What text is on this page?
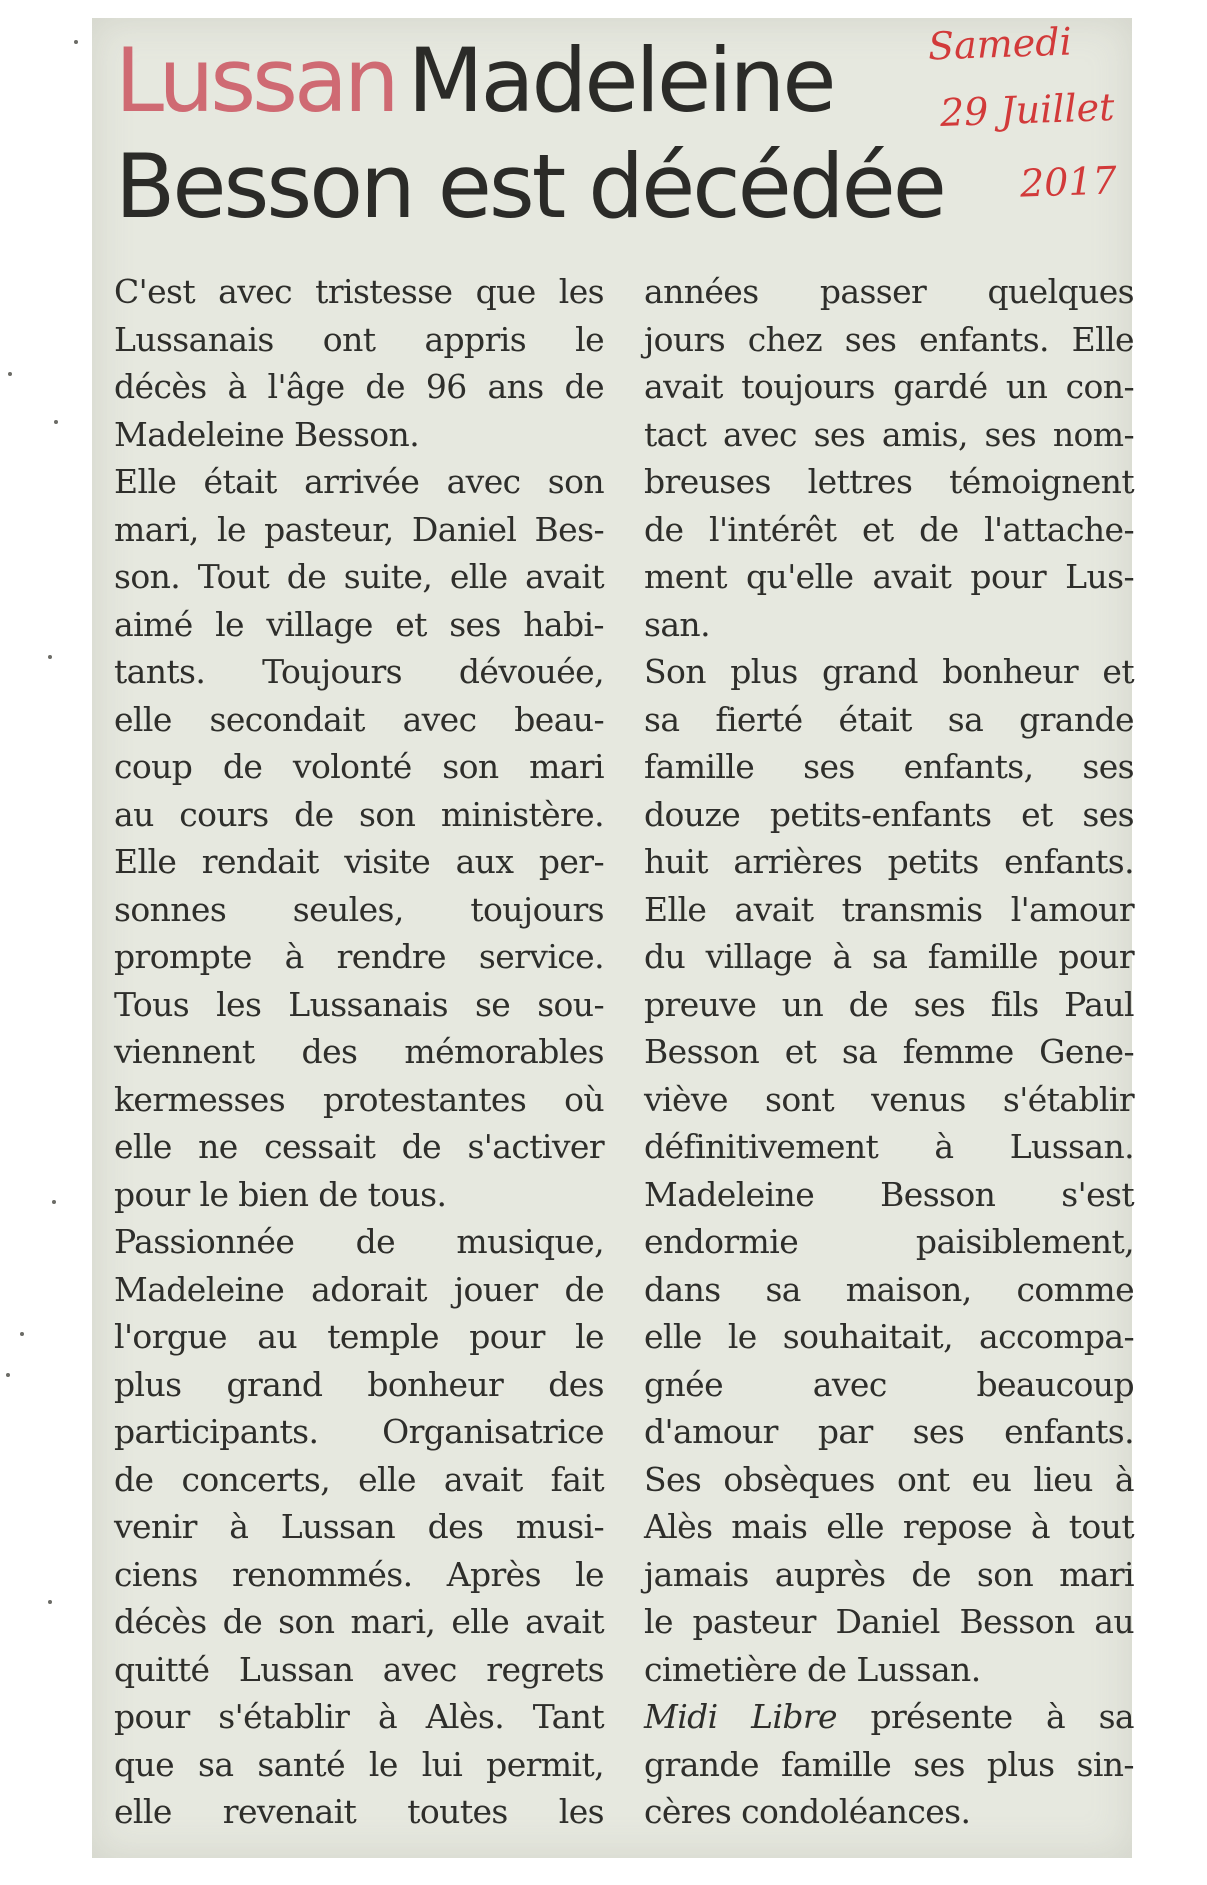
Lussan Madeleine
Besson est décédée
Samedi
29 Juillet
2017
C'est avec tristesse que les
Lussanais ont appris le
décès à l'âge de 96 ans de
Madeleine Besson.
Elle était arrivée avec son
mari, le pasteur, Daniel Bes-
son. Tout de suite, elle avait
aimé le village et ses habi-
tants. Toujours dévouée,
elle secondait avec beau-
coup de volonté son mari
au cours de son ministère.
Elle rendait visite aux per-
sonnes seules, toujours
prompte à rendre service.
Tous les Lussanais se sou-
viennent des mémorables
kermesses protestantes où
elle ne cessait de s'activer
pour le bien de tous.
Passionnée de musique,
Madeleine adorait jouer de
l'orgue au temple pour le
plus grand bonheur des
participants. Organisatrice
de concerts, elle avait fait
venir à Lussan des musi-
ciens renommés. Après le
décès de son mari, elle avait
quitté Lussan avec regrets
pour s'établir à Alès. Tant
que sa santé le lui permit,
elle revenait toutes les
années passer quelques
jours chez ses enfants. Elle
avait toujours gardé un con-
tact avec ses amis, ses nom-
breuses lettres témoignent
de l'intérêt et de l'attache-
ment qu'elle avait pour Lus-
san.
Son plus grand bonheur et
sa fierté était sa grande
famille ses enfants, ses
douze petits-enfants et ses
huit arrières petits enfants.
Elle avait transmis l'amour
du village à sa famille pour
preuve un de ses fils Paul
Besson et sa femme Gene-
viève sont venus s'établir
définitivement à Lussan.
Madeleine Besson s'est
endormie paisiblement,
dans sa maison, comme
elle le souhaitait, accompa-
gnée avec beaucoup
d'amour par ses enfants.
Ses obsèques ont eu lieu à
Alès mais elle repose à tout
jamais auprès de son mari
le pasteur Daniel Besson au
cimetière de Lussan.
Midi Libre présente à sa
grande famille ses plus sin-
cères condoléances.
